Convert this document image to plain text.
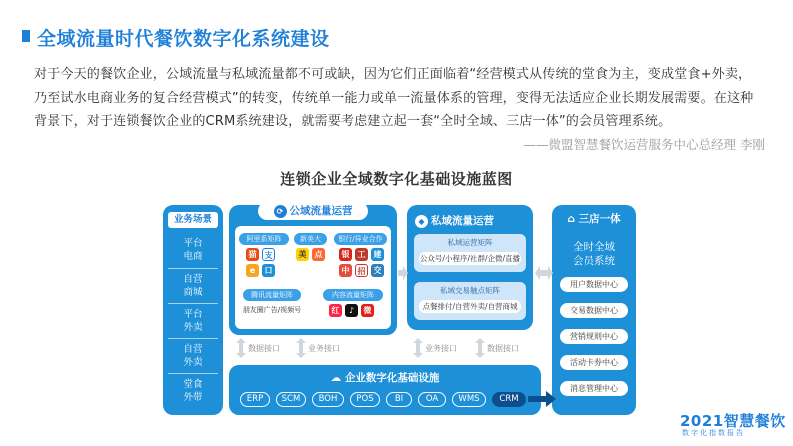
全域流量时代餐饮数字化系统建设
对于今天的餐饮企业，公域流量与私域流量都不可或缺，因为它们正面临着“经营模式从传统的堂食为主，变成堂食+外卖，乃至试水电商业务的复合经营模式”的转变，传统单一能力或单一流量体系的管理，变得无法适应企业长期发展需要。在这种背景下，对于连锁餐饮企业的CRM系统建设，就需要考虑建立起一套“全时全域、三店一体”的会员管理系统。
——微盟智慧餐饮运营服务中心总经理 李刚
连锁企业全域数字化基础设施蓝图
业务场景
平台
电商
自营
商城
平台
外卖
自营
外卖
堂食
外带
⟳ 公域流量运营
阿里系矩阵
猫	支
e	口
新美大
美	点
银行/异业合作
银	工	建
中	招	交
腾讯流量矩阵
朋友圈广告/视频号
内容流量矩阵
红	♪	微
◆ 私域流量运营
私域运营矩阵
公众号/小程序/社群/企微/直播
私域交易触点矩阵
点餐排付/自营外卖/自营商城
⌂ 三店一体
全时全域
会员系统
用户数据中心
交易数据中心
营销规则中心
活动卡券中心
消息管理中心
数据接口	业务接口	业务接口	数据接口
☁ 企业数字化基础设施
ERP	SCM	BOH	POS	BI	OA	WMS	CRM
2021智慧餐饮
数字化指数报告
